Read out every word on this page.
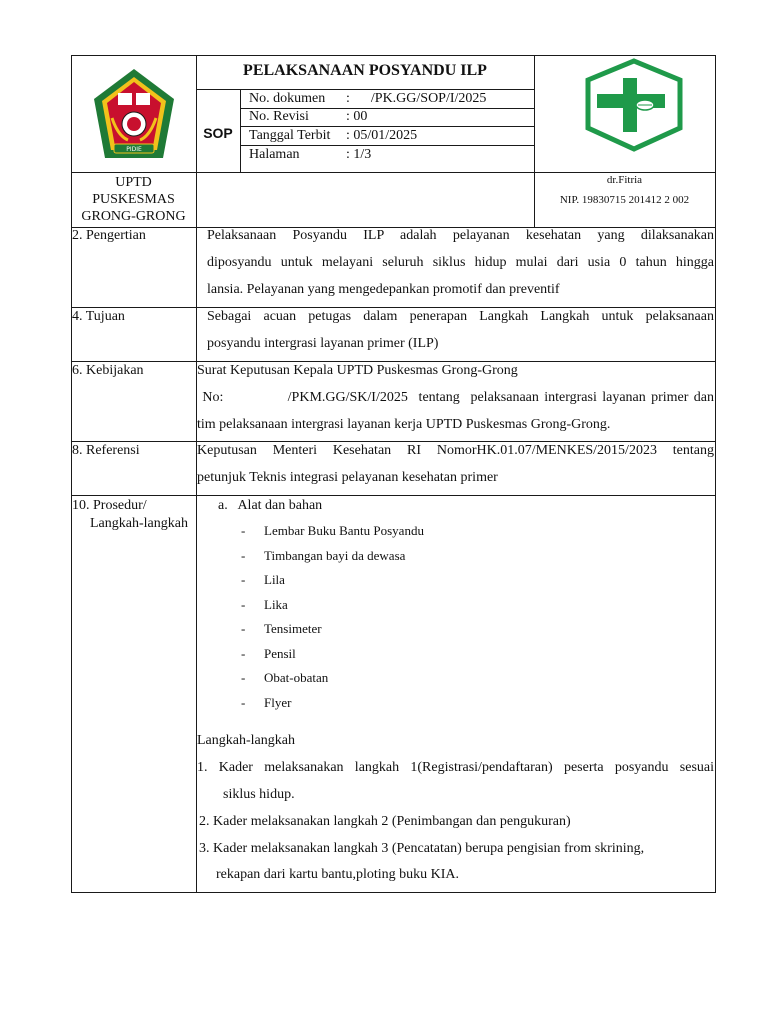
PIDIE
PELAKSANAAN POSYANDU ILP
SOP
No. dokumen :      /PK.GG/SOP/I/2025
No. Revisi	: 00
Tanggal Terbit : 05/01/2025
Halaman	: 1/3
UPTD
PUSKESMAS
GRONG-GRONG
dr.Fitria
NIP. 19830715 201412 2 002
2. Pengertian	Pelaksanaan Posyandu ILP adalah pelayanan kesehatan yang dilaksanakan
diposyandu untuk melayani seluruh siklus hidup mulai dari usia 0 tahun hingga
lansia. Pelayanan yang mengedepankan promotif dan preventif
4. Tujuan	Sebagai acuan petugas dalam penerapan Langkah Langkah untuk pelaksanaan
posyandu intergrasi layanan primer (ILP)
6. Kebijakan	Surat Keputusan Kepala UPTD Puskesmas Grong-Grong
No:            /PKM.GG/SK/I/2025  tentang  pelaksanaan intergrasi layanan primer dan
tim pelaksanaan intergrasi layanan kerja UPTD Puskesmas Grong-Grong.
8. Referensi	Keputusan Menteri Kesehatan RI NomorHK.01.07/MENKES/2015/2023 tentang
petunjuk Teknis integrasi pelayanan kesehatan primer
10. Prosedur/
Langkah-langkah
a.   Alat dan bahan
- Lembar Buku Bantu Posyandu
- Timbangan bayi da dewasa
- Lila
- Lika
- Tensimeter
- Pensil
- Obat-obatan
- Flyer
Langkah-langkah
1.  Kader  melaksanakan  langkah  1(Registrasi/pendaftaran)  peserta  posyandu  sesuai
siklus hidup.
2. Kader melaksanakan langkah 2 (Penimbangan dan pengukuran)
3. Kader melaksanakan langkah 3 (Pencatatan) berupa pengisian from skrining,
rekapan dari kartu bantu,ploting buku KIA.
